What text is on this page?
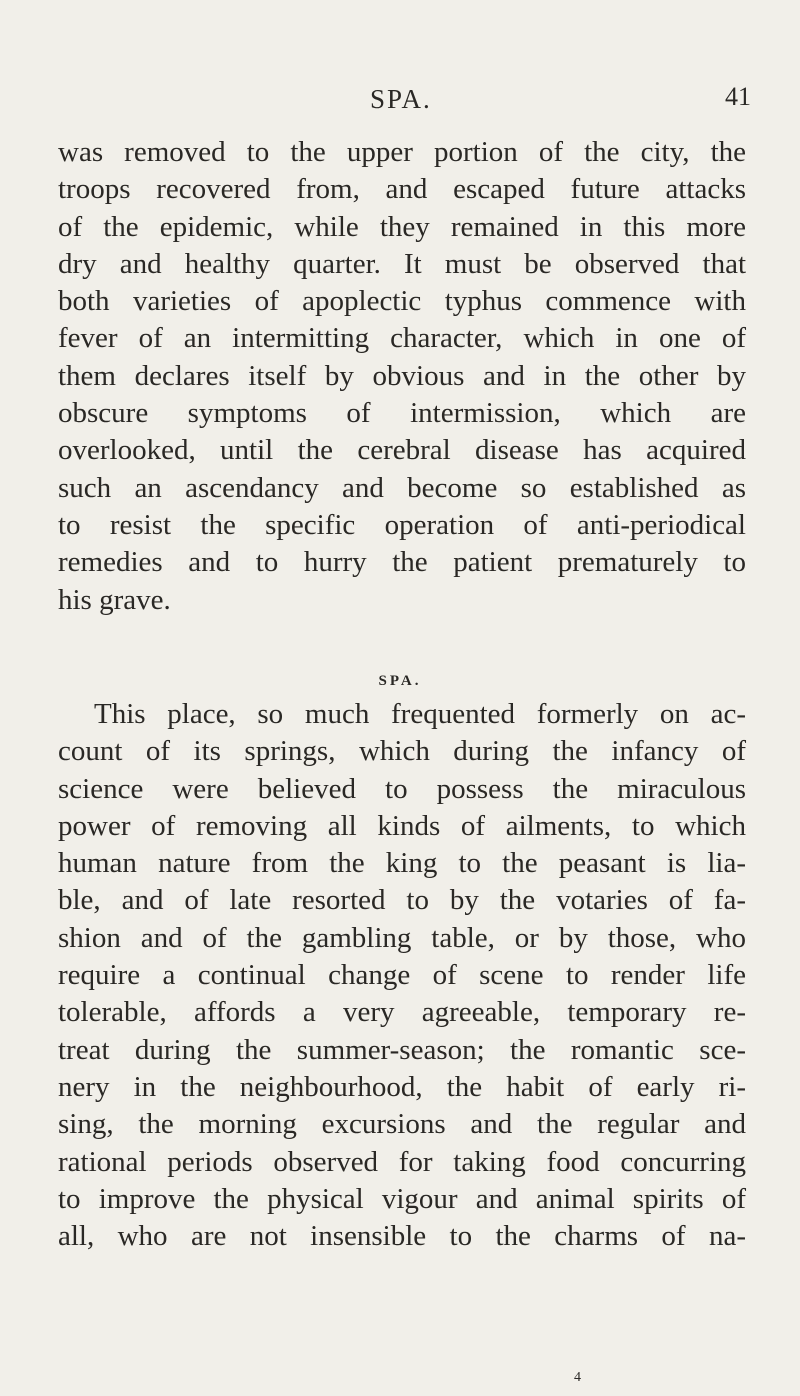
SPA.	41
was removed to the upper portion of the city, the
troops recovered from, and escaped future attacks
of the epidemic, while they remained in this more
dry and healthy quarter. It must be observed that
both varieties of apoplectic typhus commence with
fever of an intermitting character, which in one of
them declares itself by obvious and in the other by
obscure symptoms of intermission, which are
overlooked, until the cerebral disease has acquired
such an ascendancy and become so established as
to resist the specific operation of anti-periodical
remedies and to hurry the patient prematurely to
his grave.
SPA.
This place, so much frequented formerly on ac-
count of its springs, which during the infancy of
science were believed to possess the miraculous
power of removing all kinds of ailments, to which
human nature from the king to the peasant is lia-
ble, and of late resorted to by the votaries of fa-
shion and of the gambling table, or by those, who
require a continual change of scene to render life
tolerable, affords a very agreeable, temporary re-
treat during the summer-season; the romantic sce-
nery in the neighbourhood, the habit of early ri-
sing, the morning excursions and the regular and
rational periods observed for taking food concurring
to improve the physical vigour and animal spirits of
all, who are not insensible to the charms of na-
4
